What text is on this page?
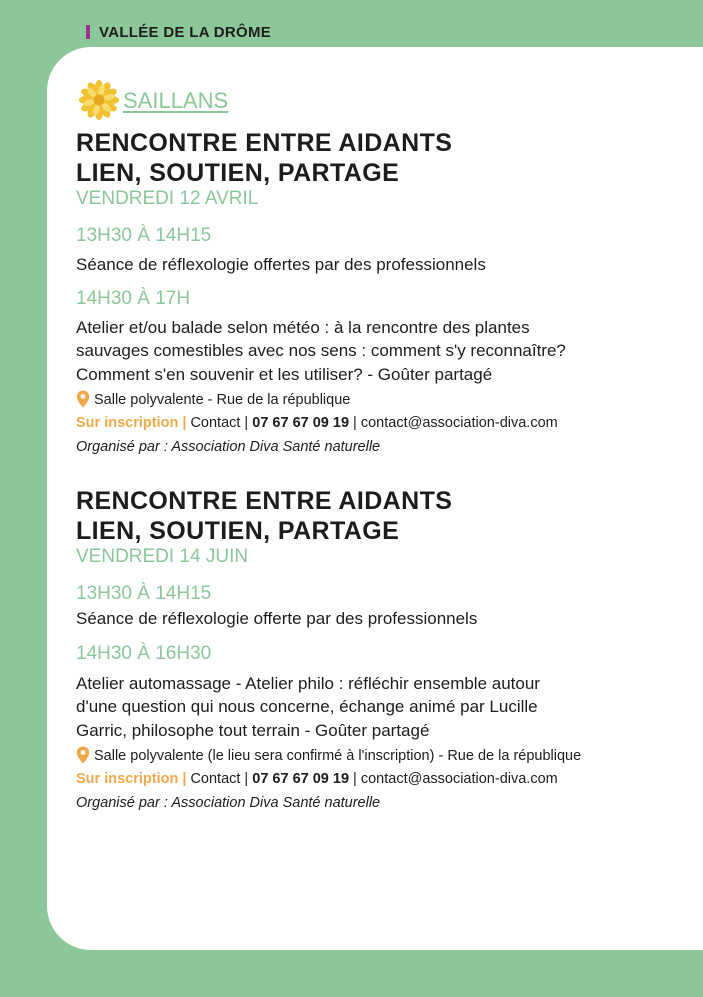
VALLÉE DE LA DRÔME
SAILLANS
RENCONTRE ENTRE AIDANTS
LIEN, SOUTIEN, PARTAGE
VENDREDI 12 AVRIL
13H30 À 14H15
Séance de réflexologie offertes par des professionnels
14H30 À 17H
Atelier et/ou balade selon météo : à la rencontre des plantes
sauvages comestibles avec nos sens : comment s'y reconnaître?
Comment s'en souvenir et les utiliser? - Goûter partagé
Salle polyvalente - Rue de la république
Sur inscription | Contact | 07 67 67 09 19 | contact@association-diva.com
Organisé par : Association Diva Santé naturelle
RENCONTRE ENTRE AIDANTS
LIEN, SOUTIEN, PARTAGE
VENDREDI 14 JUIN
13H30 À 14H15
Séance de réflexologie offerte par des professionnels
14H30 À 16H30
Atelier automassage - Atelier philo : réfléchir ensemble autour
d'une question qui nous concerne, échange animé par Lucille
Garric, philosophe tout terrain - Goûter partagé
Salle polyvalente (le lieu sera confirmé à l'inscription) - Rue de la république
Sur inscription | Contact | 07 67 67 09 19 | contact@association-diva.com
Organisé par : Association Diva Santé naturelle
